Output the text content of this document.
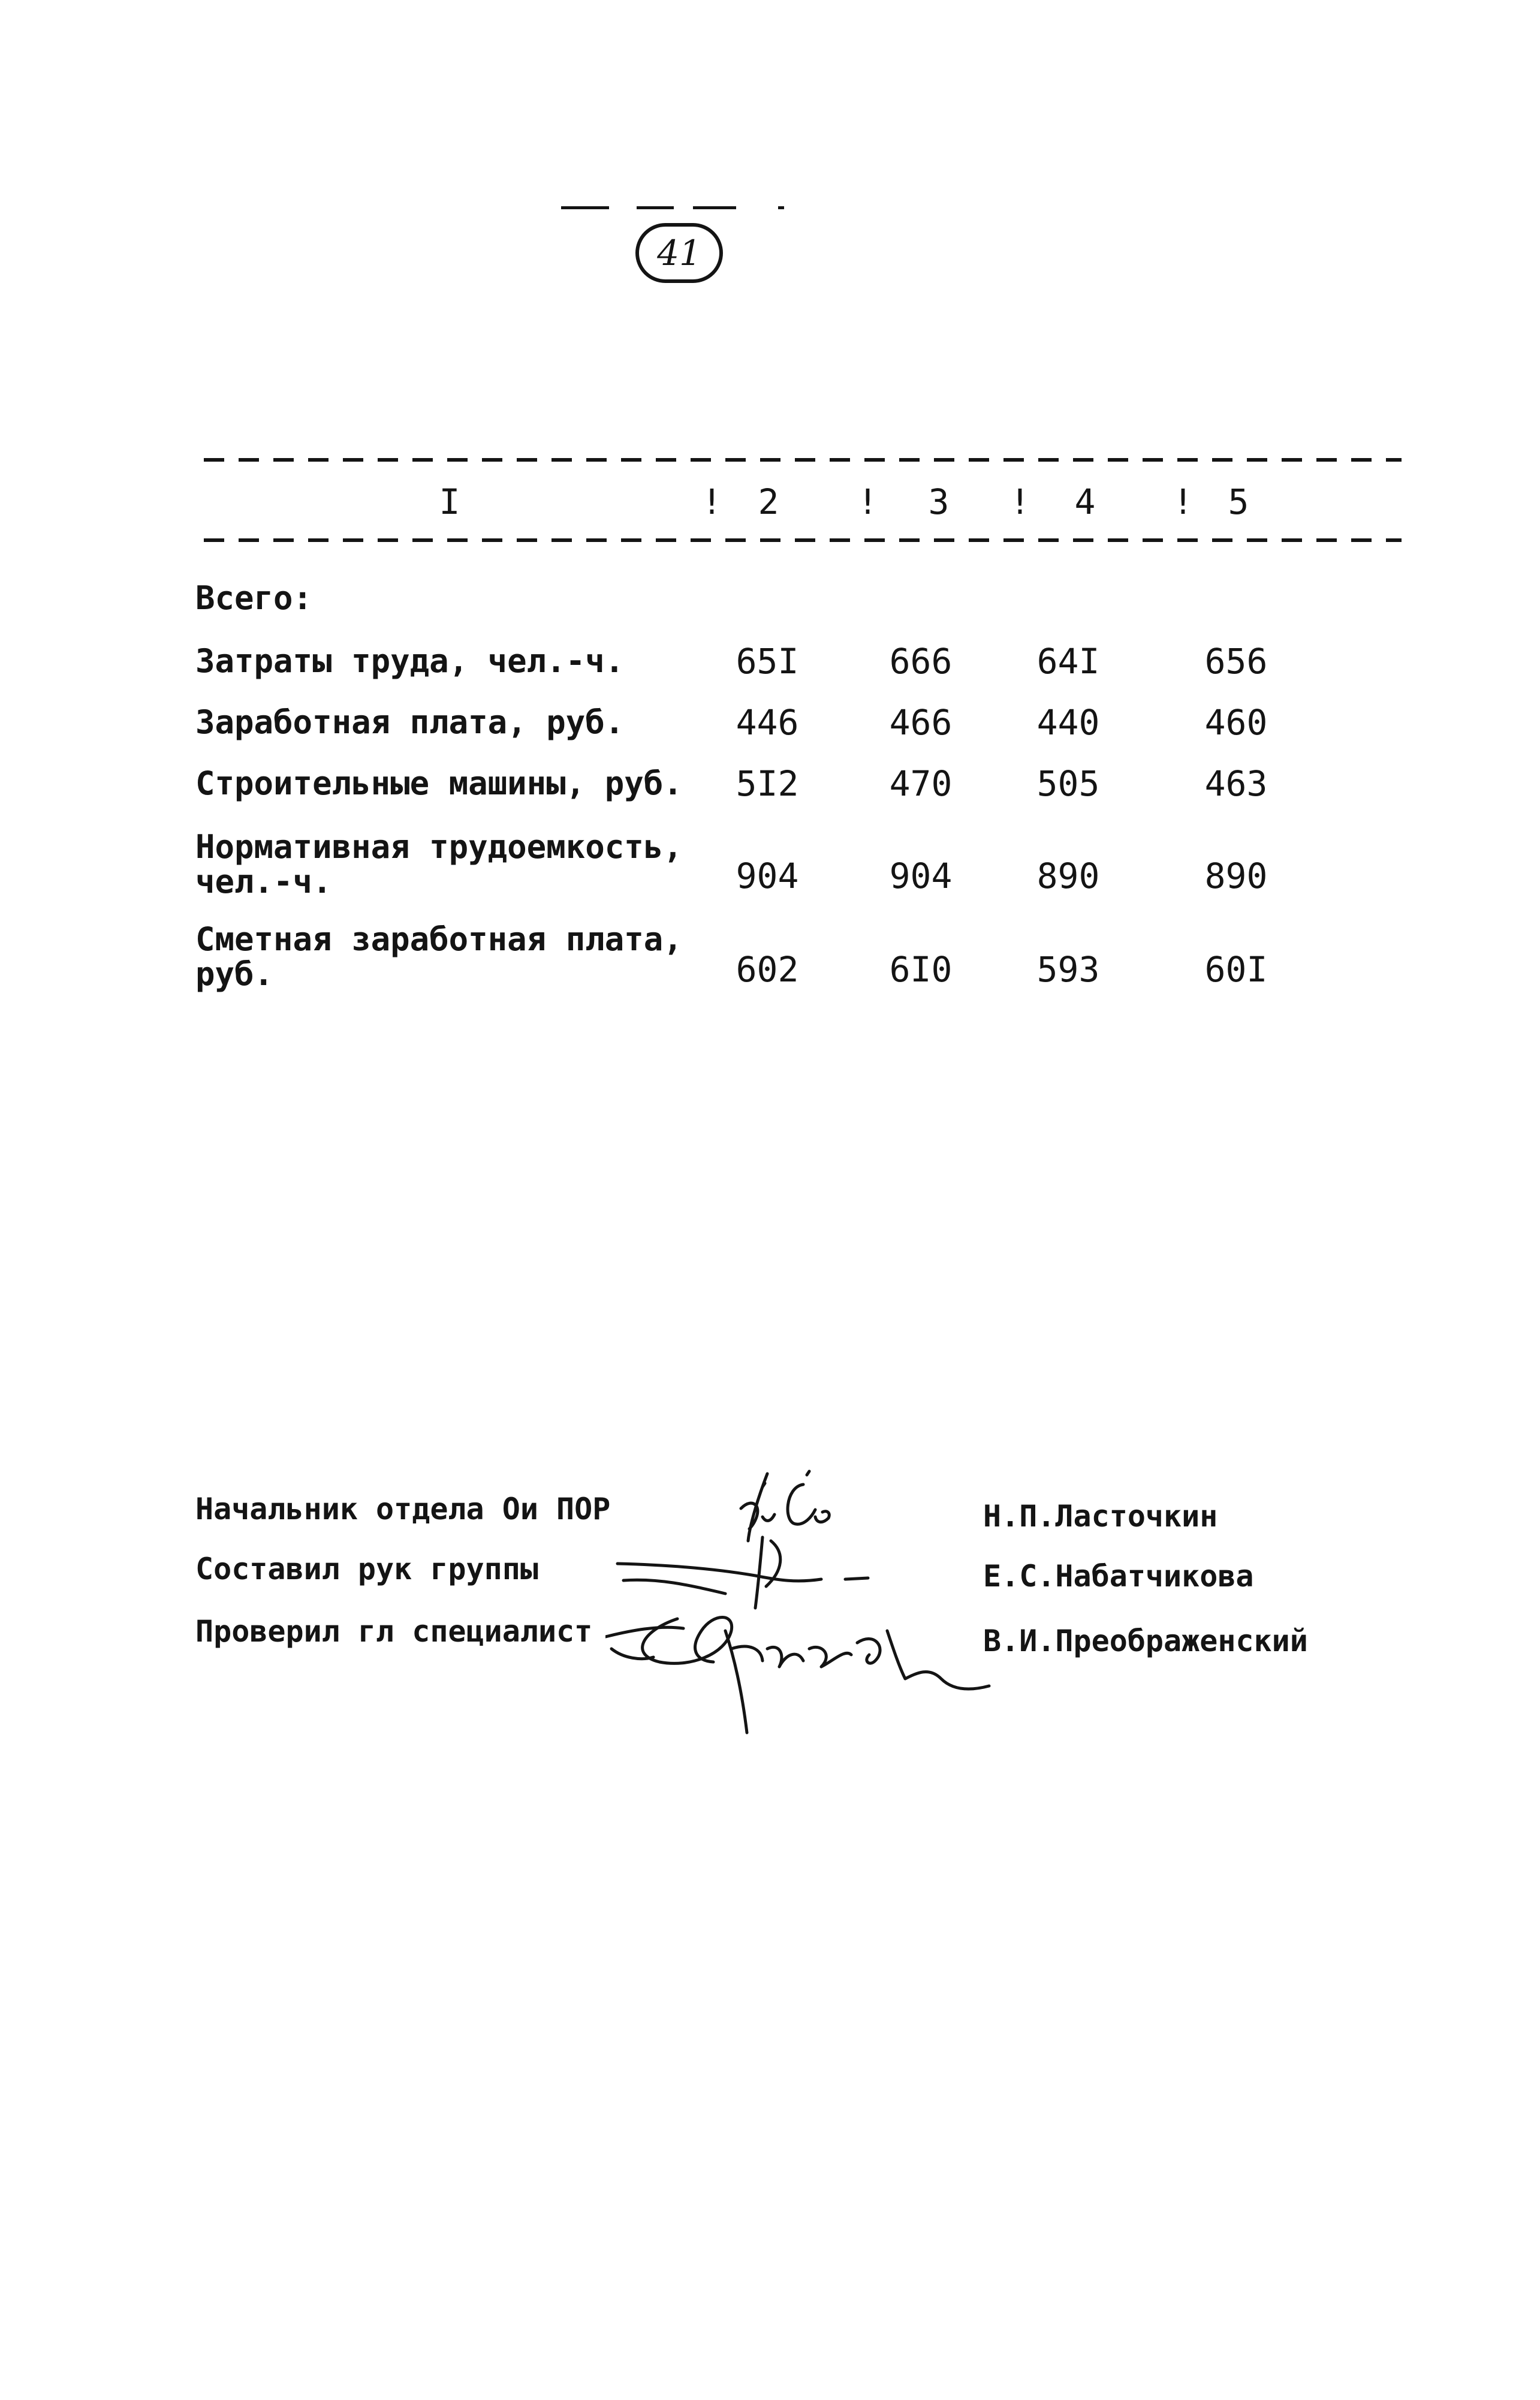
41
I	!	2	!	3	!	4	! 5
Всего:
Затраты труда, чел.-ч.	65I	666	64I	656
Заработная плата, руб.	446	466	440	460
Строительные машины, руб.	5I2	470	505	463
Нормативная трудоемкость,
чел.-ч.	904	904	890	890
Сметная заработная плата,
руб.	602	6I0	593	60I
Начальник отдела Ои ПОР	Н.П.Ласточкин
Составил рук группы	Е.С.Набатчикова
Проверил гл специалист	В.И.Преображенский
